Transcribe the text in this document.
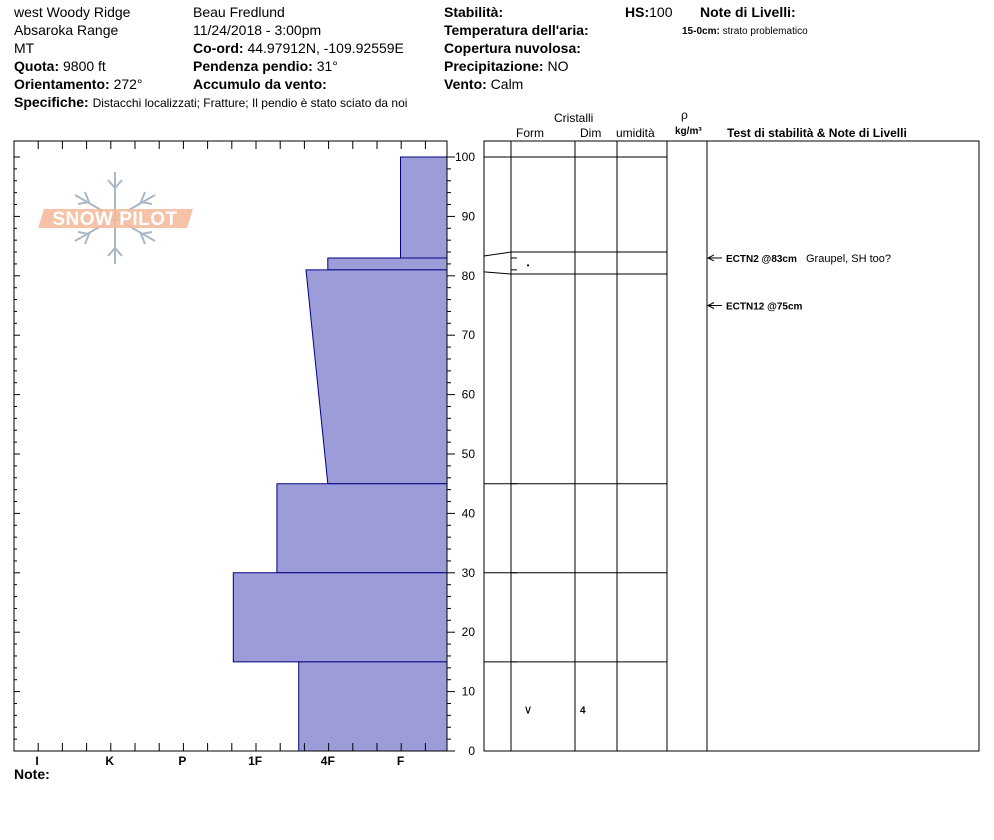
west Woody Ridge
Absaroka Range
MT
Quota: 9800 ft
Orientamento: 272°
Specifiche: Distacchi localizzati; Fratture; Il pendio è stato sciato da noi
Beau Fredlund
11/24/2018 - 3:00pm
Co-ord: 44.97912N, -109.92559E
Pendenza pendio: 31°
Accumulo da vento:
Stabilità:
Temperatura dell'aria:
Copertura nuvolosa:
Precipitazione: NO
Vento: Calm
HS:100 Note di Livelli:
15-0cm: strato problematico
Cristalli
Form	Dim umidità
ρ
kg/m³ Test di stabilità & Note di Livelli
SNOW PILOT
I	K	P	1F	4F	F
0
10
20
30
40
50
60
70
80
90
100
•
∨	4
ECTN2 @83cm Graupel, SH too?
ECTN12 @75cm
Note:
